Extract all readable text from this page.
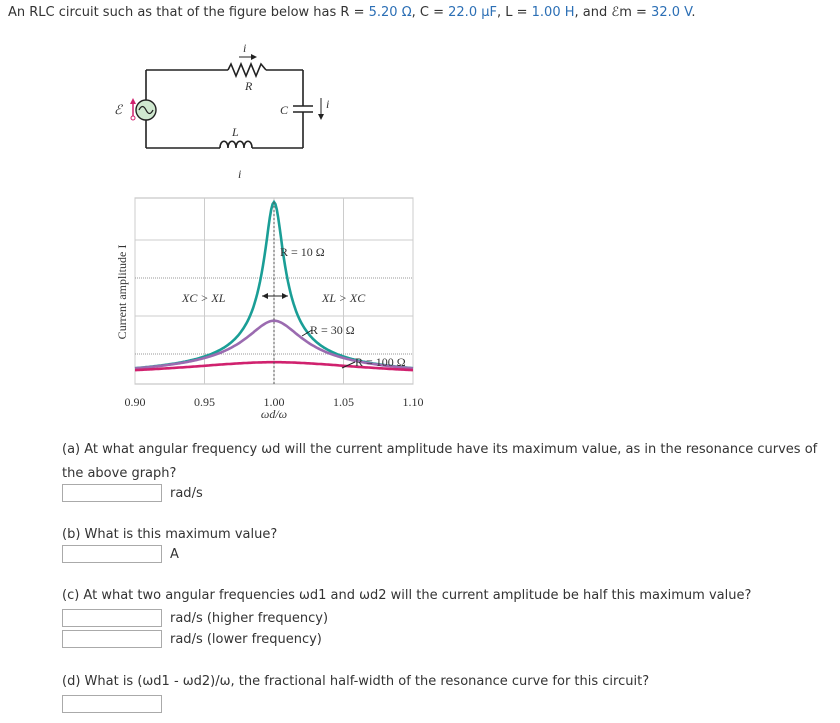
An RLC circuit such as that of the figure below has R = 5.20 Ω, C = 22.0 μF, L = 1.00 H, and ℰm = 32.0 V.
ℰ
i
R
C	i
L
i
R = 10 Ω
R = 30 Ω
R = 100 Ω
XC > XL	XL > XC
0.90	0.95	1.00	1.05	1.10
ωd/ω
Current amplitude I
(a) At what angular frequency ωd will the current amplitude have its maximum value, as in the resonance curves of
the above graph?
rad/s
(b) What is this maximum value?
A
(c) At what two angular frequencies ωd1 and ωd2 will the current amplitude be half this maximum value?
rad/s (higher frequency)
rad/s (lower frequency)
(d) What is (ωd1 - ωd2)/ω, the fractional half-width of the resonance curve for this circuit?
